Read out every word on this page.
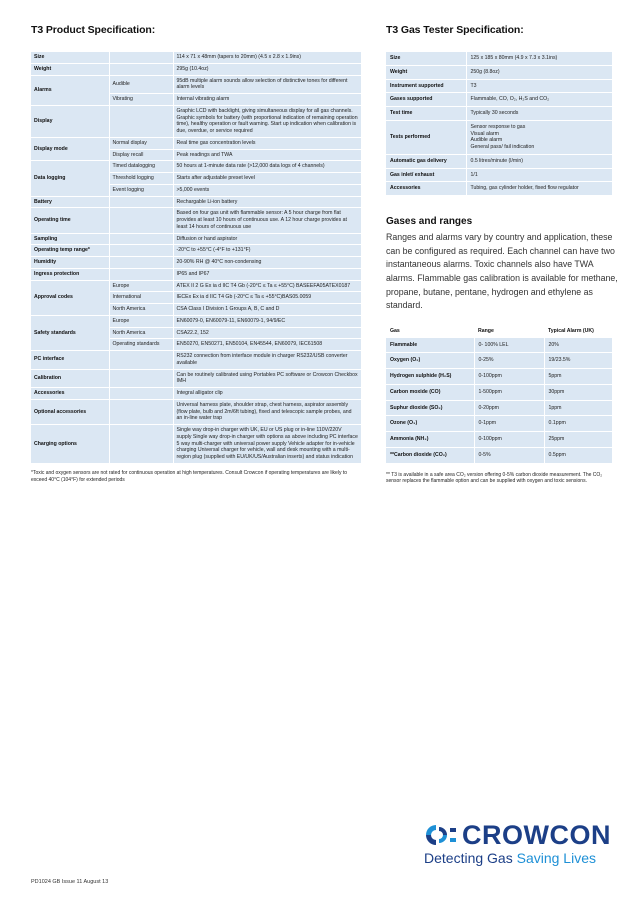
T3 Product Specification:
Size		114 x 71 x 48mm (tapers to 20mm) (4.5 x 2.8 x 1.9ins)
Weight		295g (10.4oz)
Alarms	Audible	95dB multiple alarm sounds allow selection of distinctive tones for different alarm levels
	Vibrating	Internal vibrating alarm
Display		Graphic LCD with backlight, giving simultaneous display for all gas channels. Graphic symbols for battery (with proportional indication of remaining operation time), healthy operation or fault warning. Start up indication when calibration is due, overdue, or service required
Display mode	Normal display	Real time gas concentration levels
	Display recall	Peak readings and TWA
Data logging	Timed datalogging	50 hours at 1-minute data rate (>12,000 data logs of 4 channels)
	Threshold logging	Starts after adjustable preset level
	Event logging	>5,000 events
Battery		Rechargable Li-ion battery
Operating time		Based on four gas unit with flammable sensor: A 5 hour charge from flat provides at least 10 hours of continuous use. A 12 hour charge provides at least 14 hours of continuous use
Sampling		Diffusion or hand aspirator
Operating temp range*		-20°C to +55°C (-4°F to +131°F)
Humidity		20-90% RH @ 40°C non-condensing
Ingress protection		IP65 and IP67
Approval codes	Europe	ATEX II 2 G Ex ia d IIC T4 Gb (-20°C ≤ Ta ≤ +55°C) BASEEFA05ATEX0187
	International	IECEx Ex ia d IIC T4 Gb (-20°C ≤ Ta ≤ +55°C)BAS05.0059
	North America	CSA Class I Division 1 Groups A, B, C and D
Safety standards	Europe	EN60079-0, EN60079-11, EN60079-1, 94/9/EC
	North America	CSA22.2, 152
	Operating standards	EN50270, EN50271, EN50104, EN45544, EN60079, IEC61508
PC interface		RS232 connection from interface module in charger RS232/USB converter available
Calibration		Can be routinely calibrated using Portables PC software or Crowcon Checkbox IMH
Accessories		Integral alligator clip
Optional accessories		Universal harness plate, shoulder strap, chest harness, aspirator assembly (flow plate, bulb and 2m/6ft tubing), fixed and telescopic sample probes, and an in-line water trap
Charging options		Single way drop-in charger with UK, EU or US plug or in-line 110V/220V supply Single way drop-in charger with options as above including PC interface 5 way multi-charger with universal power supply Vehicle adapter for in-vehicle charging Universal charger for vehicle, wall and desk mounting with a multi-region plug (supplied with EU/UK/US/Australian inserts) and status indication

*Toxic and oxygen sensors are not rated for continuous operation at high temperatures. Consult Crowcon if operating temperatures are likely to exceed 40°C (104°F) for extended periods

T3 Gas Tester Specification:
Size	125 x 185 x 80mm (4.9 x 7.3 x 3.1ins)
Weight	250g (8.8oz)
Instrument supported	T3
Gases supported	Flammable, CO, O₂, H₂S and CO₂
Test time	Typically 30 seconds
Tests performed	Sensor response to gas
Visual alarm
Audible alarm
General pass/ fail indication
Automatic gas delivery	0.5 litres/minute (l/min)
Gas inlet/ exhaust	1/1
Accessories	Tubing, gas cylinder holder, fixed flow regulator
Gases and ranges

Ranges and alarms vary by country and application, these can be configured as required. Each channel can have two instantaneous alarms. Toxic channels also have TWA alarms. Flammable gas calibration is available for methane, propane, butane, pentane, hydrogen and ethylene as standard.

Gas	Range	Typical Alarm (UK)
Flammable	0- 100% LEL	20%
Oxygen (O₂)	0-25%	19/23.5%
Hydrogen sulphide (H₂S)	0-100ppm	5ppm
Carbon moxide (CO)	1-500ppm	30ppm
Suphur dioxide (SO₂)	0-20ppm	1ppm
Ozone (O₃)	0-1ppm	0.1ppm
Ammonia (NH₃)	0-100ppm	25ppm
**Carbon dioxide (CO₂)	0-5%	0.5ppm

** T3 is available in a safe area CO₂ version offering 0-5% carbon dioxide measurement. The CO₂ sensor replaces the flammable option and can be supplied with oxygen and toxic sensions.

CROWCON
Detecting Gas Saving Lives
PD1024 GB Issue 11 August 13
